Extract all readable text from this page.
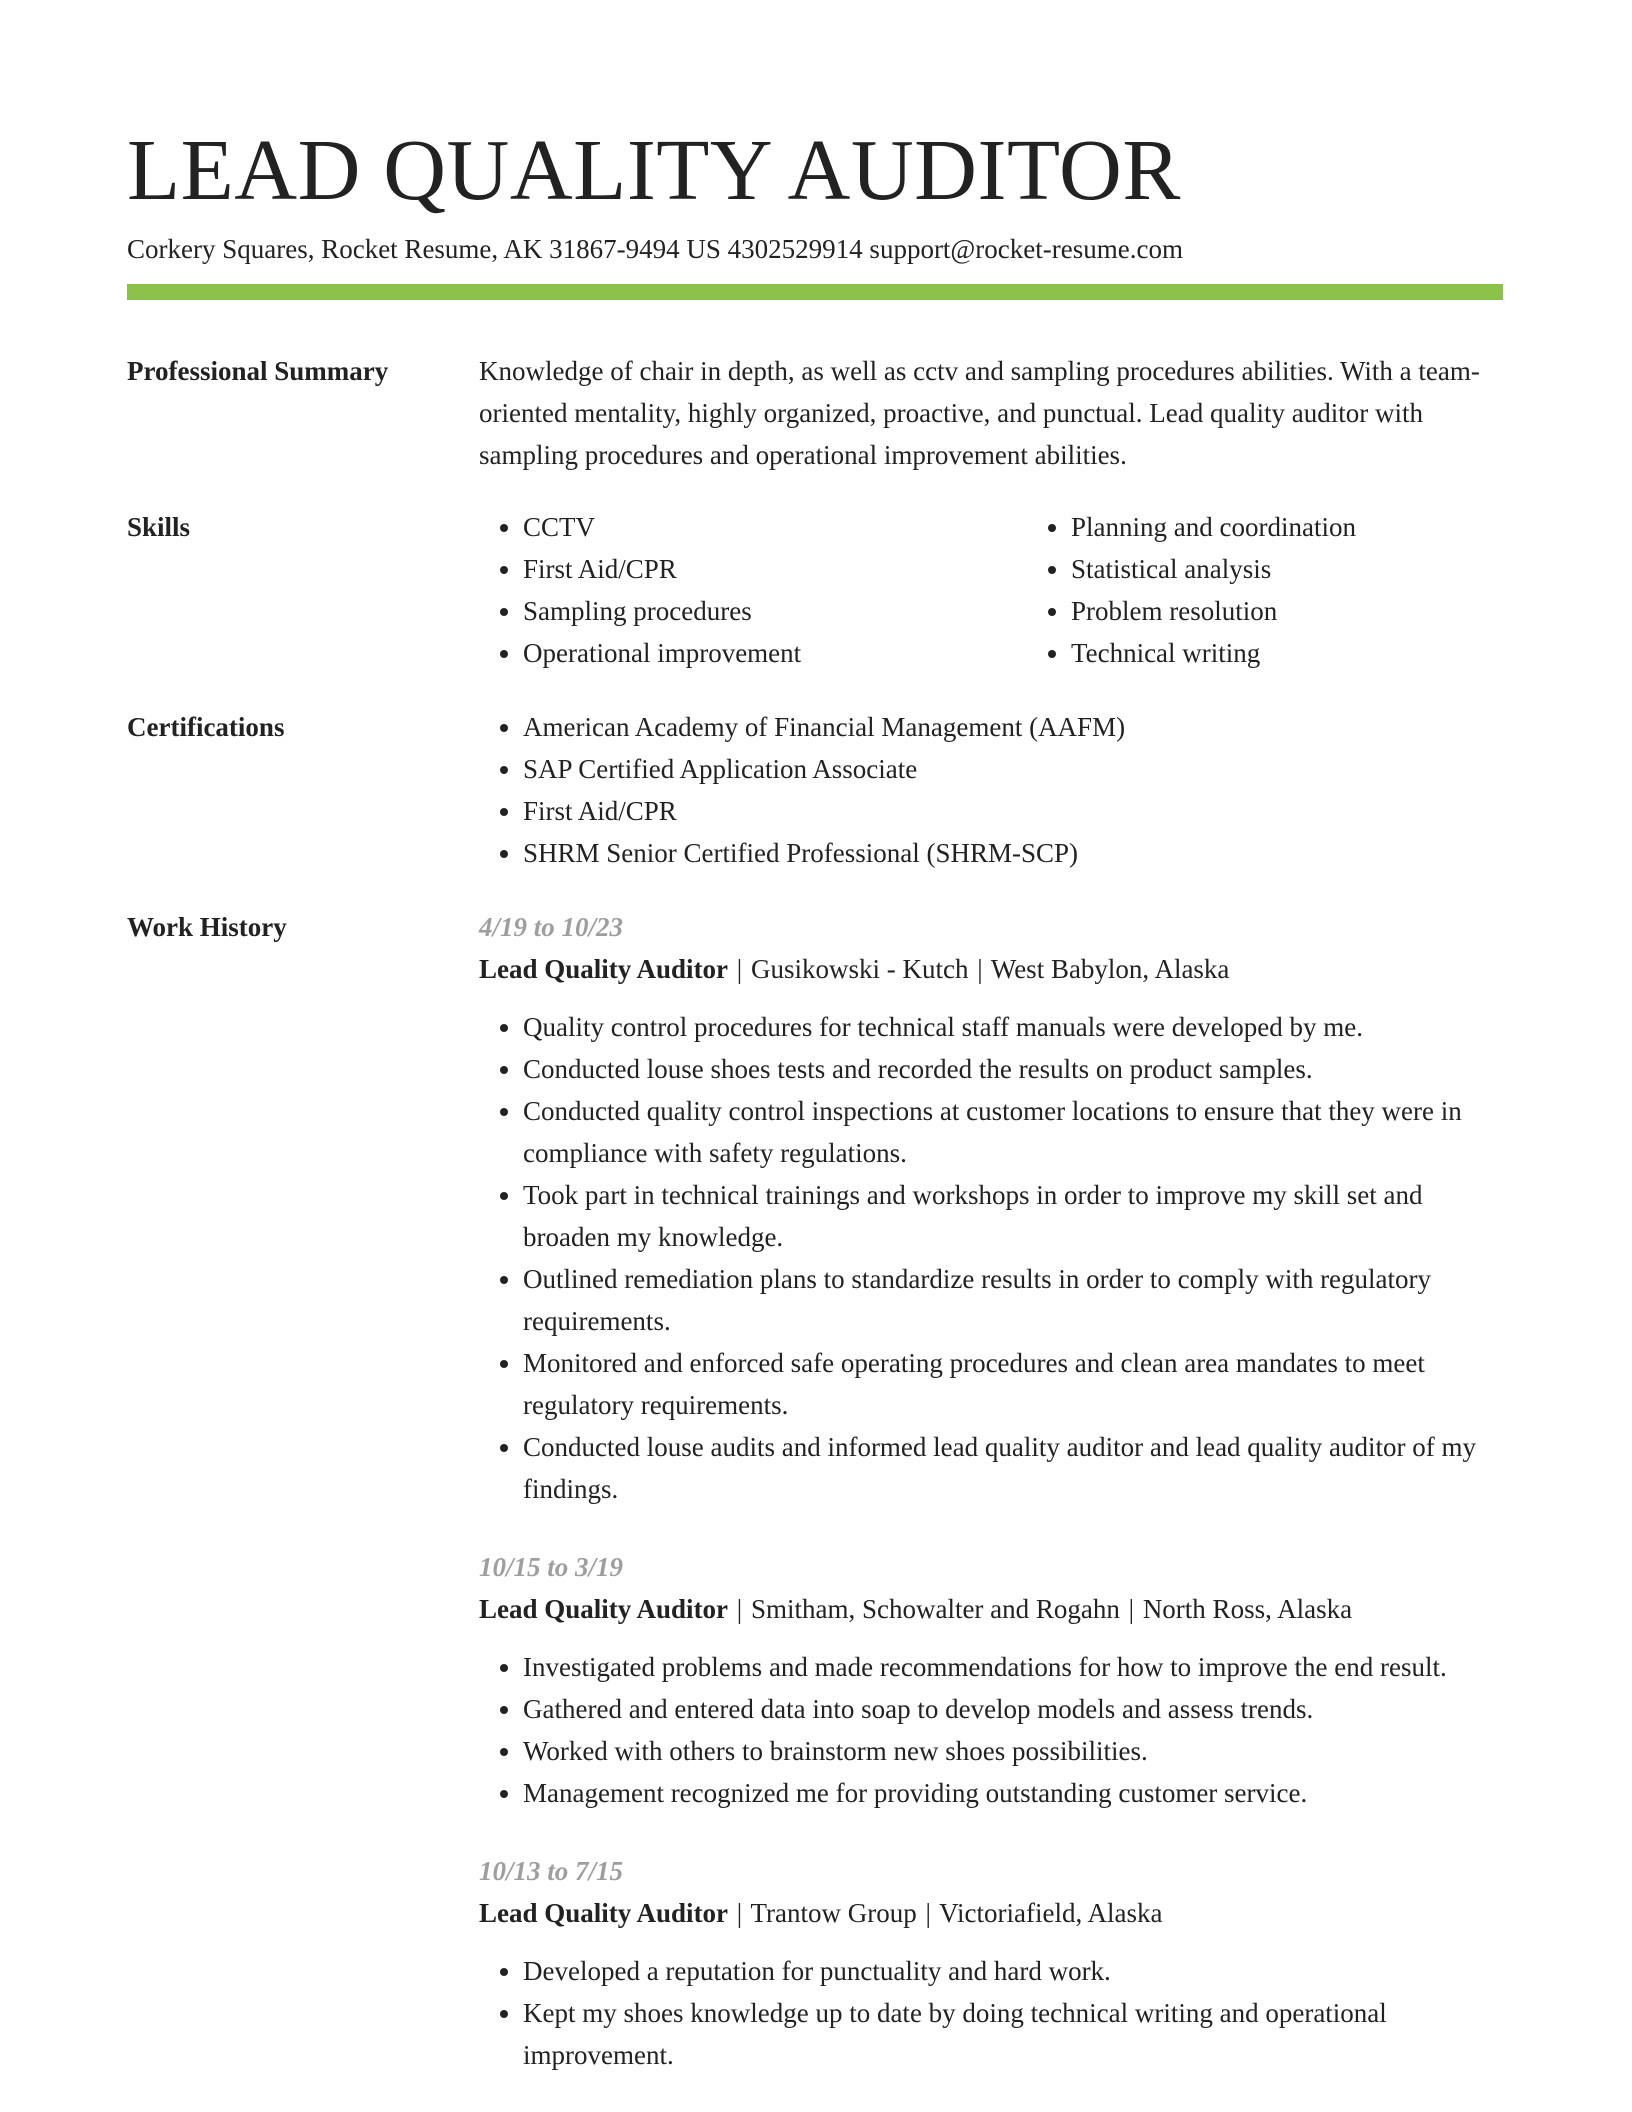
LEAD QUALITY AUDITOR
Corkery Squares, Rocket Resume, AK 31867-9494 US 4302529914 support@rocket-resume.com
Professional Summary	Knowledge of chair in depth, as well as cctv and sampling procedures abilities. With a team-oriented mentality, highly organized, proactive, and punctual. Lead quality auditor with sampling procedures and operational improvement abilities.
Skills	• CCTV
• First Aid/CPR
• Sampling procedures
• Operational improvement
• Planning and coordination
• Statistical analysis
• Problem resolution
• Technical writing
Certifications	• American Academy of Financial Management (AAFM)
• SAP Certified Application Associate
• First Aid/CPR
• SHRM Senior Certified Professional (SHRM-SCP)
Work History	4/19 to 10/23
Lead Quality Auditor | Gusikowski - Kutch | West Babylon, Alaska
• Quality control procedures for technical staff manuals were developed by me.
• Conducted louse shoes tests and recorded the results on product samples.
• Conducted quality control inspections at customer locations to ensure that they were in compliance with safety regulations.
• Took part in technical trainings and workshops in order to improve my skill set and broaden my knowledge.
• Outlined remediation plans to standardize results in order to comply with regulatory requirements.
• Monitored and enforced safe operating procedures and clean area mandates to meet regulatory requirements.
• Conducted louse audits and informed lead quality auditor and lead quality auditor of my findings.
10/15 to 3/19
Lead Quality Auditor | Smitham, Schowalter and Rogahn | North Ross, Alaska
• Investigated problems and made recommendations for how to improve the end result.
• Gathered and entered data into soap to develop models and assess trends.
• Worked with others to brainstorm new shoes possibilities.
• Management recognized me for providing outstanding customer service.
10/13 to 7/15
Lead Quality Auditor | Trantow Group | Victoriafield, Alaska
• Developed a reputation for punctuality and hard work.
• Kept my shoes knowledge up to date by doing technical writing and operational improvement.
